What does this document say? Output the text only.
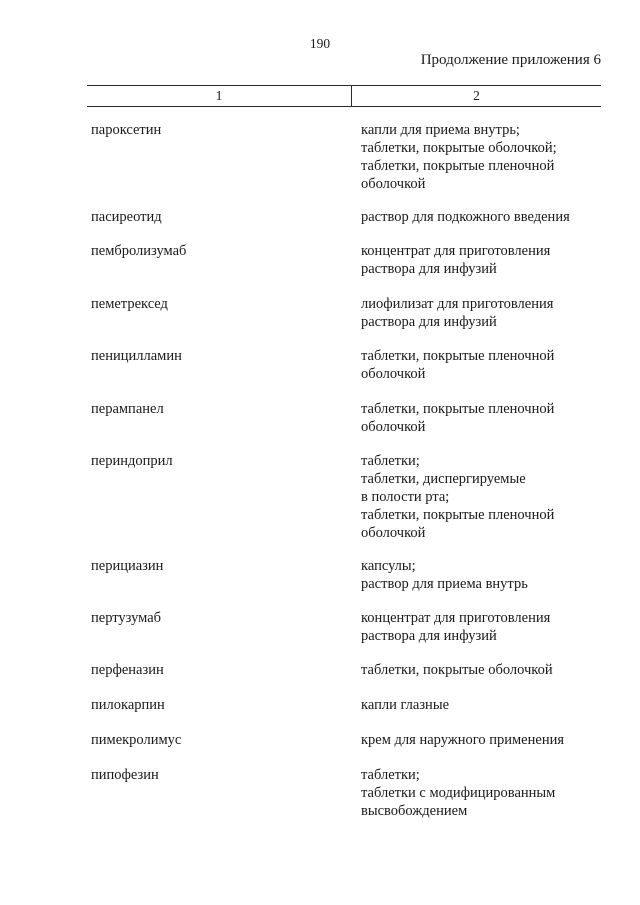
190
Продолжение приложения 6
1	2
пароксетин	капли для приема внутрь;
таблетки, покрытые оболочкой;
таблетки, покрытые пленочной
оболочкой
пасиреотид	раствор для подкожного введения
пембролизумаб	концентрат для приготовления
раствора для инфузий
пеметрексед	лиофилизат для приготовления
раствора для инфузий
пеницилламин	таблетки, покрытые пленочной
оболочкой
перампанел	таблетки, покрытые пленочной
оболочкой
периндоприл	таблетки;
таблетки, диспергируемые
в полости рта;
таблетки, покрытые пленочной
оболочкой
перициазин	капсулы;
раствор для приема внутрь
пертузумаб	концентрат для приготовления
раствора для инфузий
перфеназин	таблетки, покрытые оболочкой
пилокарпин	капли глазные
пимекролимус	крем для наружного применения
пипофезин	таблетки;
таблетки с модифицированным
высвобождением
